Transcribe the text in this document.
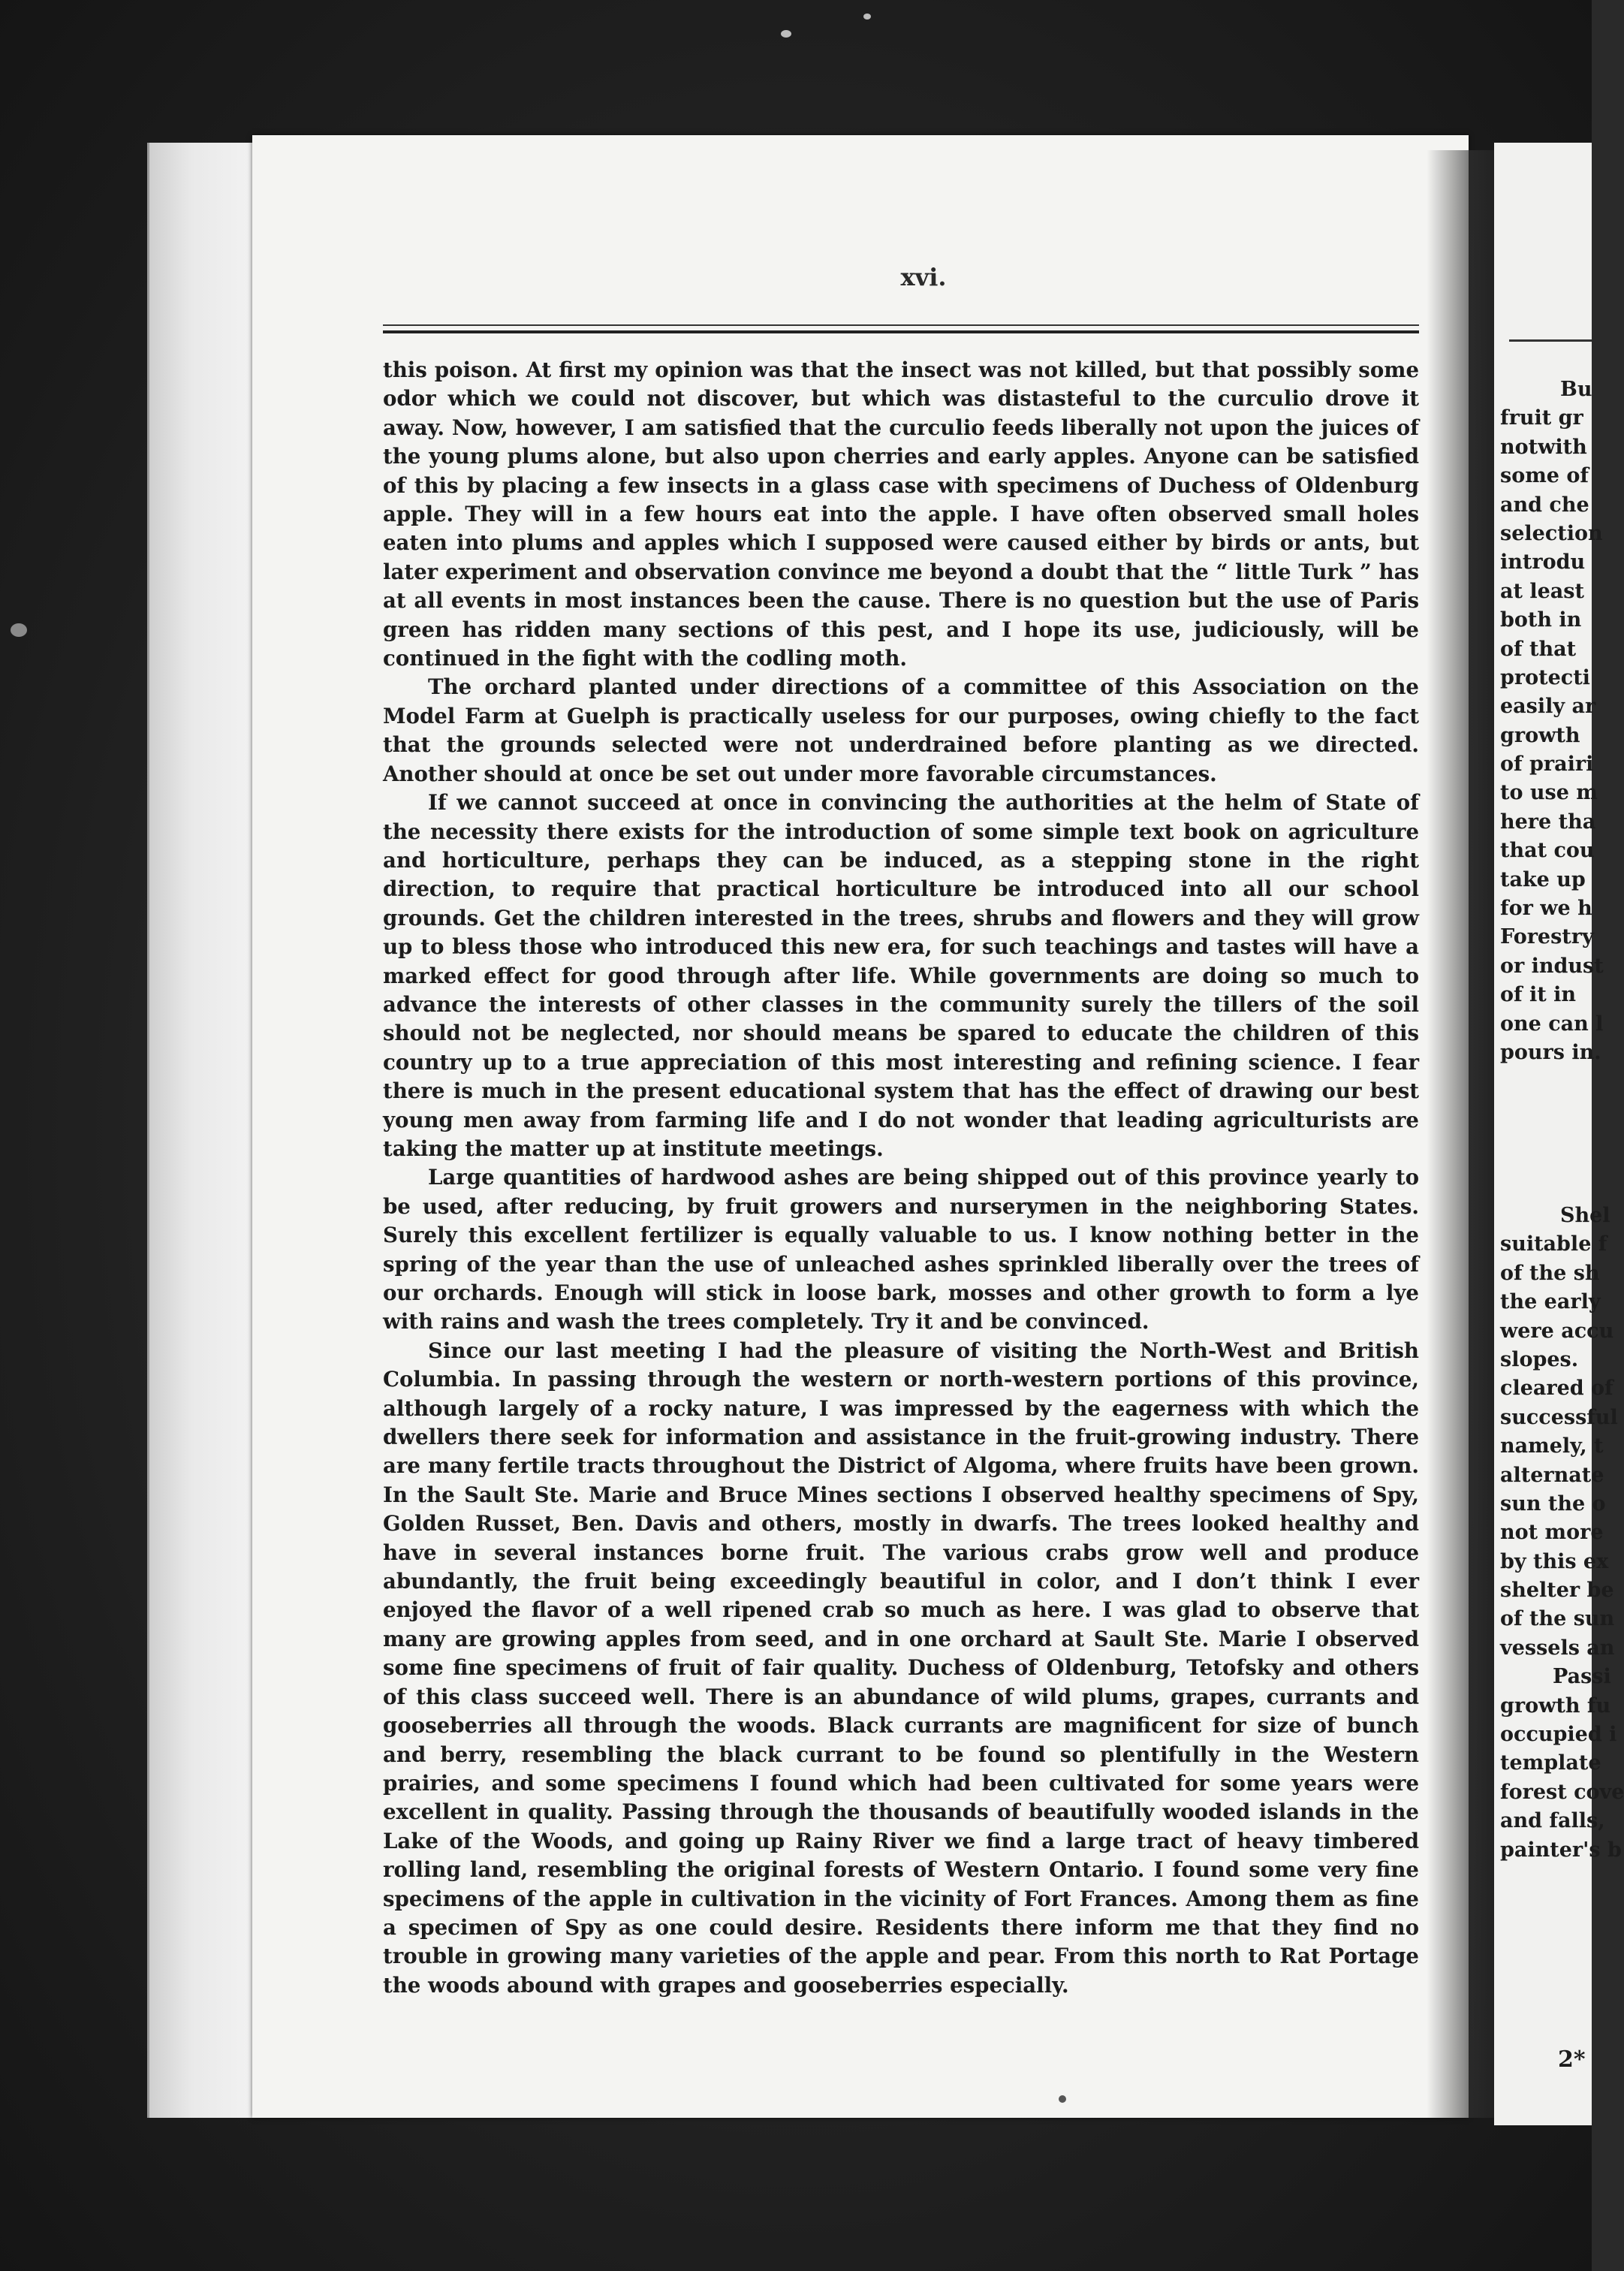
xvi.

this poison. At first my opinion was that the insect was not killed, but that possibly some odor which we could not discover, but which was distasteful to the curculio drove it away. Now, however, I am satisfied that the curculio feeds liberally not upon the juices of the young plums alone, but also upon cherries and early apples. Anyone can be satisfied of this by placing a few insects in a glass case with specimens of Duchess of Oldenburg apple. They will in a few hours eat into the apple. I have often observed small holes eaten into plums and apples which I supposed were caused either by birds or ants, but later experiment and observation convince me beyond a doubt that the “ little Turk ” has at all events in most instances been the cause. There is no question but the use of Paris green has ridden many sections of this pest, and I hope its use, judiciously, will be continued in the fight with the codling moth.

The orchard planted under directions of a committee of this Association on the Model Farm at Guelph is practically useless for our purposes, owing chiefly to the fact that the grounds selected were not underdrained before planting as we directed. Another should at once be set out under more favorable circumstances.

If we cannot succeed at once in convincing the authorities at the helm of State of the necessity there exists for the introduction of some simple text book on agriculture and horticulture, perhaps they can be induced, as a stepping stone in the right direction, to require that practical horticulture be introduced into all our school grounds. Get the children interested in the trees, shrubs and flowers and they will grow up to bless those who introduced this new era, for such teachings and tastes will have a marked effect for good through after life. While governments are doing so much to advance the interests of other classes in the community surely the tillers of the soil should not be neglected, nor should means be spared to educate the children of this country up to a true appreciation of this most interesting and refining science. I fear there is much in the present educational system that has the effect of drawing our best young men away from farming life and I do not wonder that leading agriculturists are taking the matter up at institute meetings.

Large quantities of hardwood ashes are being shipped out of this province yearly to be used, after reducing, by fruit growers and nurserymen in the neighboring States. Surely this excellent fertilizer is equally valuable to us. I know nothing better in the spring of the year than the use of unleached ashes sprinkled liberally over the trees of our orchards. Enough will stick in loose bark, mosses and other growth to form a lye with rains and wash the trees completely. Try it and be convinced.

Since our last meeting I had the pleasure of visiting the North-West and British Columbia. In passing through the western or north-western portions of this province, although largely of a rocky nature, I was impressed by the eagerness with which the dwellers there seek for information and assistance in the fruit-growing industry. There are many fertile tracts throughout the District of Algoma, where fruits have been grown. In the Sault Ste. Marie and Bruce Mines sections I observed healthy specimens of Spy, Golden Russet, Ben. Davis and others, mostly in dwarfs. The trees looked healthy and have in several instances borne fruit. The various crabs grow well and produce abundantly, the fruit being exceedingly beautiful in color, and I don’t think I ever enjoyed the flavor of a well ripened crab so much as here. I was glad to observe that many are growing apples from seed, and in one orchard at Sault Ste. Marie I observed some fine specimens of fruit of fair quality. Duchess of Oldenburg, Tetofsky and others of this class succeed well. There is an abundance of wild plums, grapes, currants and gooseberries all through the woods. Black currants are magnificent for size of bunch and berry, resembling the black currant to be found so plentifully in the Western prairies, and some specimens I found which had been cultivated for some years were excellent in quality. Passing through the thousands of beautifully wooded islands in the Lake of the Woods, and going up Rainy River we find a large tract of heavy timbered rolling land, resembling the original forests of Western Ontario. I found some very fine specimens of the apple in cultivation in the vicinity of Fort Frances. Among them as fine a specimen of Spy as one could desire. Residents there inform me that they find no trouble in growing many varieties of the apple and pear. From this north to Rat Portage the woods abound with grapes and gooseberries especially.

Bu
fruit gr
notwith
some of
and che
selection
introdu
at least
both in
of that
protecti
easily ar
growth
of prairi
to use m
here tha
that cou
take up
for we h
Forestry
or indust
of it in
one can l
pours in.
Shel
suitable f
of the sh
the early
were accu
slopes.
cleared of
successful
namely, t
alternate
sun the o
not more
by this ex
shelter be
of the sun
vessels an
Passi
growth fu
occupied i
template
forest cove
and falls,
painter's b
2*
